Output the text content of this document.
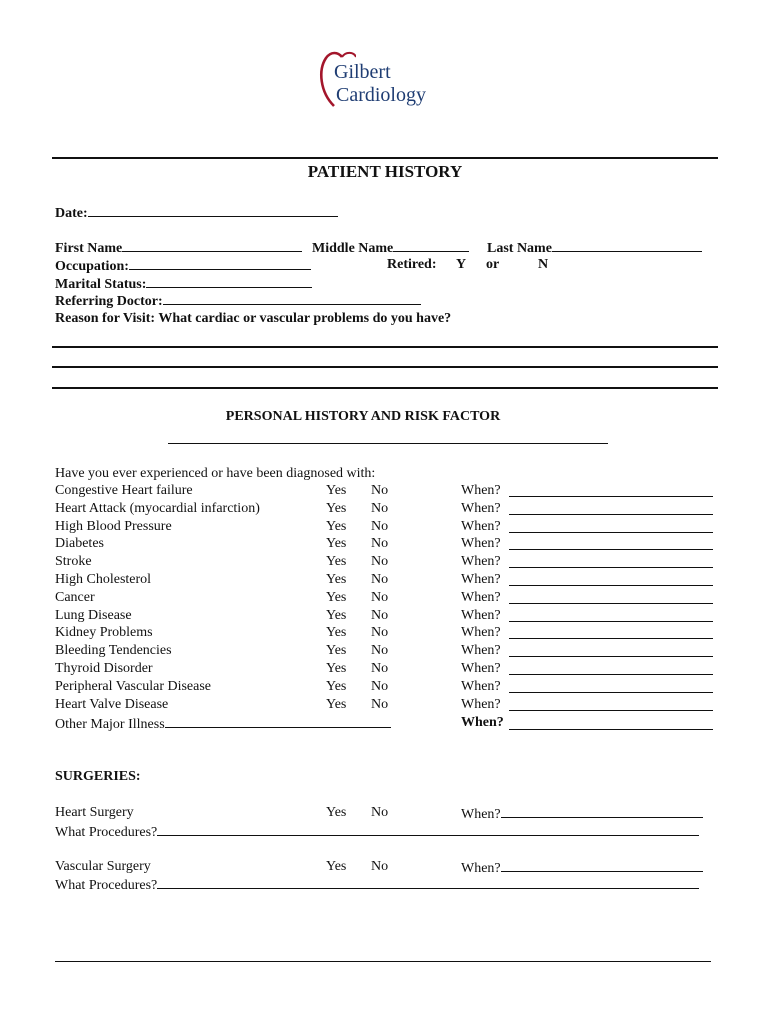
Gilbert
Cardiology
PATIENT HISTORY
Date:
First Name	Middle Name	Last Name
Occupation:	Retired: Y or	N
Marital Status:
Referring Doctor:
Reason for Visit: What cardiac or vascular problems do you have?
PERSONAL HISTORY AND RISK FACTOR
Have you ever experienced or have been diagnosed with:
Congestive Heart failure	Yes No	When?
Heart Attack (myocardial infarction)	Yes No	When?
High Blood Pressure	Yes No	When?
Diabetes	Yes No	When?
Stroke	Yes No	When?
High Cholesterol	Yes No	When?
Cancer	Yes No	When?
Lung Disease	Yes No	When?
Kidney Problems	Yes No	When?
Bleeding Tendencies	Yes No	When?
Thyroid Disorder	Yes No	When?
Peripheral Vascular Disease	Yes No	When?
Heart Valve Disease	Yes No	When?
Other Major Illness	When?
SURGERIES:
Heart Surgery	Yes No	When?
What Procedures?
Vascular Surgery	Yes No	When?
What Procedures?
